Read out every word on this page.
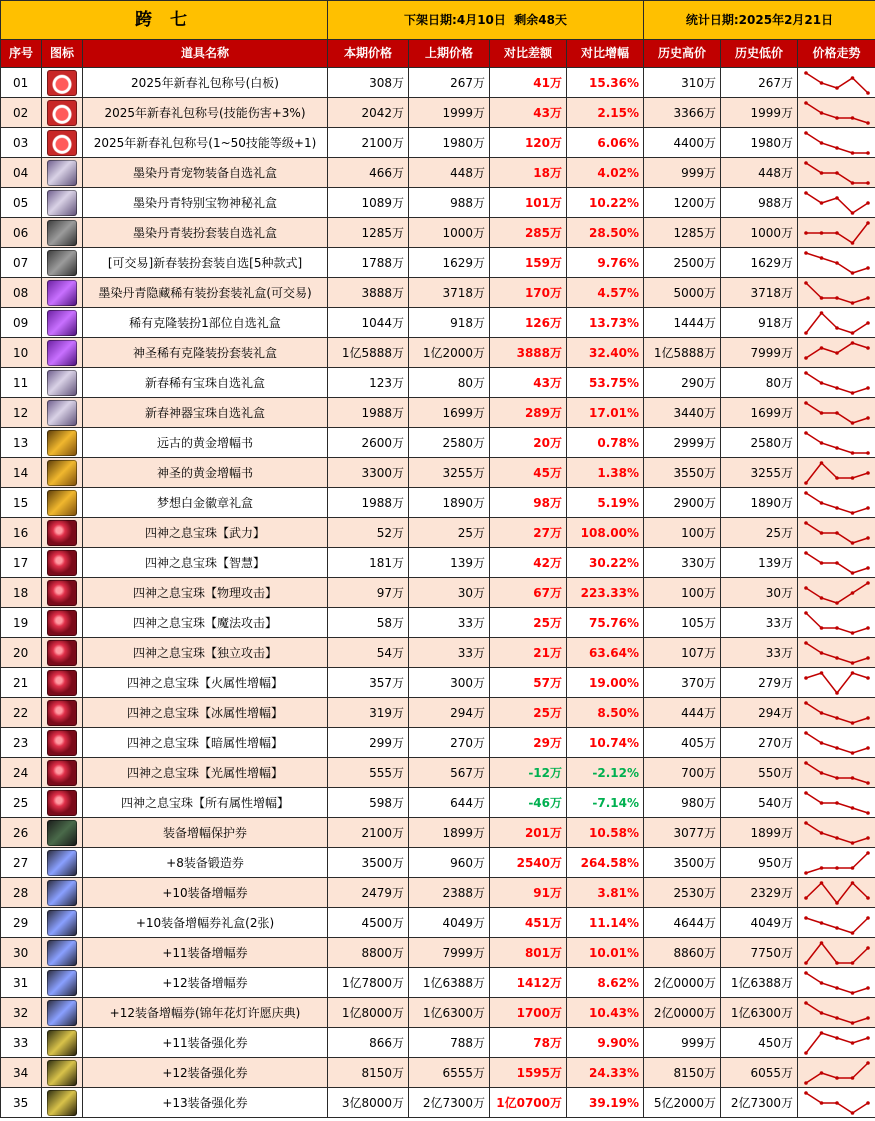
跨 七			下架日期:4月10日 剩余48天				统计日期:2025年2月21日		
序号	图标	道具名称	本期价格	上期价格	对比差额	对比增幅	历史高价	历史低价	价格走势
01		2025年新春礼包称号(白板)	308万	267万	41万	15.36%	310万	267万	

02		2025年新春礼包称号(技能伤害+3%)	2042万	1999万	43万	2.15%	3366万	1999万	

03		2025年新春礼包称号(1~50技能等级+1)	2100万	1980万	120万	6.06%	4400万	1980万	

04		墨染丹青宠物装备自选礼盒	466万	448万	18万	4.02%	999万	448万	

05		墨染丹青特别宝物神秘礼盒	1089万	988万	101万	10.22%	1200万	988万	

06		墨染丹青装扮套装自选礼盒	1285万	1000万	285万	28.50%	1285万	1000万	

07		[可交易]新春装扮套装自选[5种款式]	1788万	1629万	159万	9.76%	2500万	1629万	

08		墨染丹青隐藏稀有装扮套装礼盒(可交易)	3888万	3718万	170万	4.57%	5000万	3718万	

09		稀有克隆装扮1部位自选礼盒	1044万	918万	126万	13.73%	1444万	918万	

10		神圣稀有克隆装扮套装礼盒	1亿5888万	1亿2000万	3888万	32.40%	1亿5888万	7999万	

11		新春稀有宝珠自选礼盒	123万	80万	43万	53.75%	290万	80万	

12		新春神器宝珠自选礼盒	1988万	1699万	289万	17.01%	3440万	1699万	

13		远古的黄金增幅书	2600万	2580万	20万	0.78%	2999万	2580万	

14		神圣的黄金增幅书	3300万	3255万	45万	1.38%	3550万	3255万	

15		梦想白金徽章礼盒	1988万	1890万	98万	5.19%	2900万	1890万	

16		四神之息宝珠【武力】	52万	25万	27万	108.00%	100万	25万	

17		四神之息宝珠【智慧】	181万	139万	42万	30.22%	330万	139万	

18		四神之息宝珠【物理攻击】	97万	30万	67万	223.33%	100万	30万	

19		四神之息宝珠【魔法攻击】	58万	33万	25万	75.76%	105万	33万	

20		四神之息宝珠【独立攻击】	54万	33万	21万	63.64%	107万	33万	

21		四神之息宝珠【火属性增幅】	357万	300万	57万	19.00%	370万	279万	

22		四神之息宝珠【冰属性增幅】	319万	294万	25万	8.50%	444万	294万	

23		四神之息宝珠【暗属性增幅】	299万	270万	29万	10.74%	405万	270万	

24		四神之息宝珠【光属性增幅】	555万	567万	-12万	-2.12%	700万	550万	

25		四神之息宝珠【所有属性增幅】	598万	644万	-46万	-7.14%	980万	540万	

26		装备增幅保护券	2100万	1899万	201万	10.58%	3077万	1899万	

27		+8装备锻造券	3500万	960万	2540万	264.58%	3500万	950万	

28		+10装备增幅券	2479万	2388万	91万	3.81%	2530万	2329万	

29		+10装备增幅券礼盒(2张)	4500万	4049万	451万	11.14%	4644万	4049万	

30		+11装备增幅券	8800万	7999万	801万	10.01%	8860万	7750万	

31		+12装备增幅券	1亿7800万	1亿6388万	1412万	8.62%	2亿0000万	1亿6388万	

32		+12装备增幅券(锦年花灯许愿庆典)	1亿8000万	1亿6300万	1700万	10.43%	2亿0000万	1亿6300万	

33		+11装备强化券	866万	788万	78万	9.90%	999万	450万	

34		+12装备强化券	8150万	6555万	1595万	24.33%	8150万	6055万	

35		+13装备强化券	3亿8000万	2亿7300万	1亿0700万	39.19%	5亿2000万	2亿7300万	
